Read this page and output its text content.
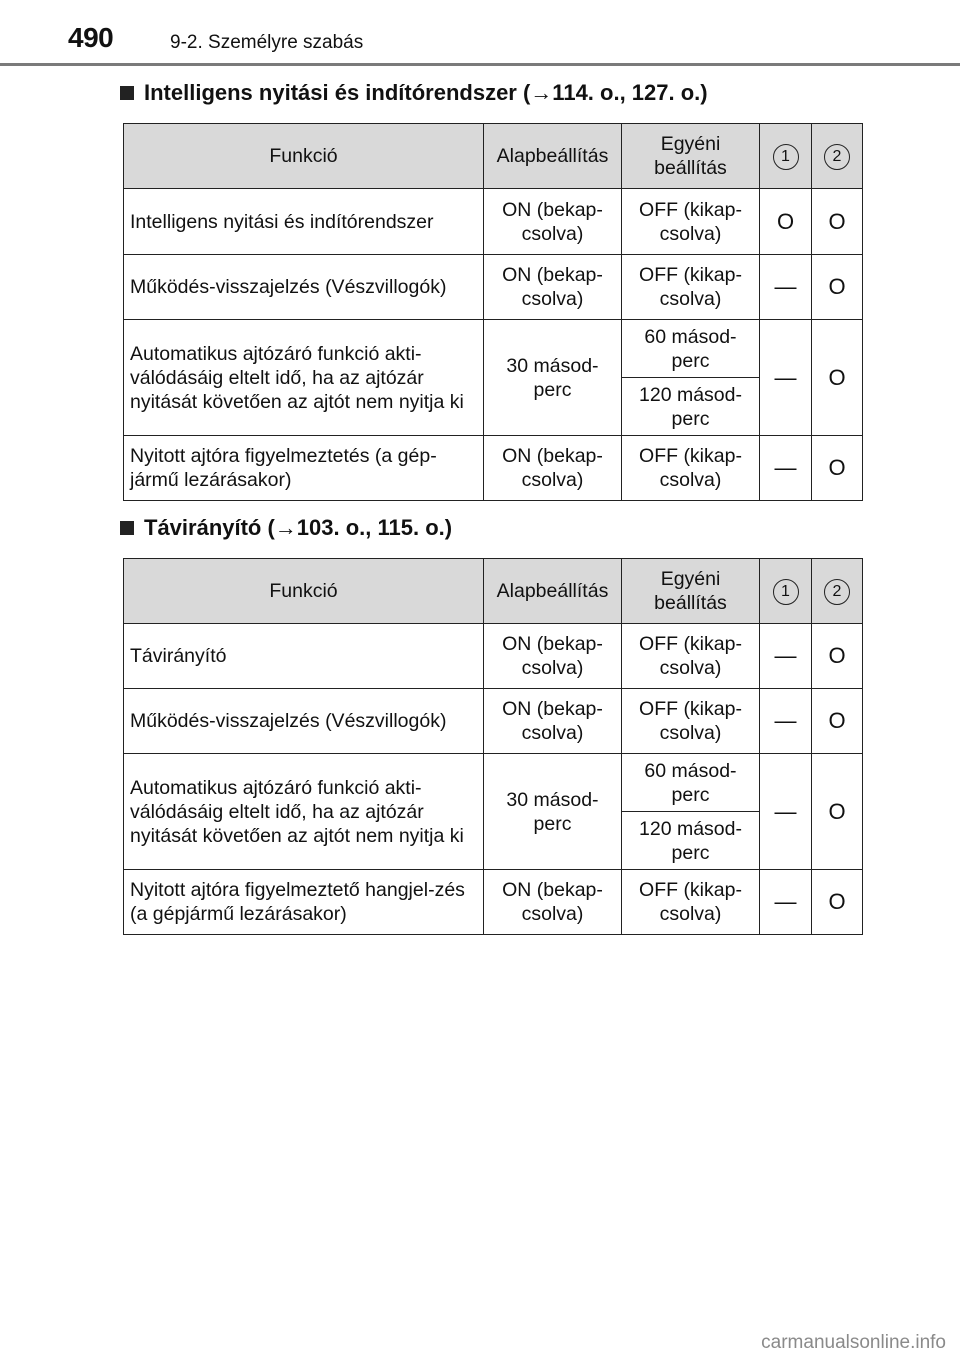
490	9-2. Személyre szabás
Intelligens nyitási és indítórendszer (→114. o., 127. o.)
Funkció	Alapbeállítás	Egyéni beállítás	1	2
Intelligens nyitási és indítórendszer	ON (bekap-csolva)	OFF (kikap-csolva)	O	O
Működés-visszajelzés (Vészvillogók)	ON (bekap-csolva)	OFF (kikap-csolva)	—	O
Automatikus ajtózáró funkció akti-válódásáig eltelt idő, ha az ajtózár nyitását követően az ajtót nem nyitja ki	30 másod-perc	60 másod-perc	—	O
		120 másod-perc		
Nyitott ajtóra figyelmeztetés (a gép-jármű lezárásakor)	ON (bekap-csolva)	OFF (kikap-csolva)	—	O
Távirányító (→103. o., 115. o.)
Funkció	Alapbeállítás	Egyéni beállítás	1	2
Távirányító	ON (bekap-csolva)	OFF (kikap-csolva)	—	O
Működés-visszajelzés (Vészvillogók)	ON (bekap-csolva)	OFF (kikap-csolva)	—	O
Automatikus ajtózáró funkció akti-válódásáig eltelt idő, ha az ajtózár nyitását követően az ajtót nem nyitja ki	30 másod-perc	60 másod-perc	—	O
		120 másod-perc		
Nyitott ajtóra figyelmeztető hangjel-zés (a gépjármű lezárásakor)	ON (bekap-csolva)	OFF (kikap-csolva)	—	O
carmanualsonline.info
